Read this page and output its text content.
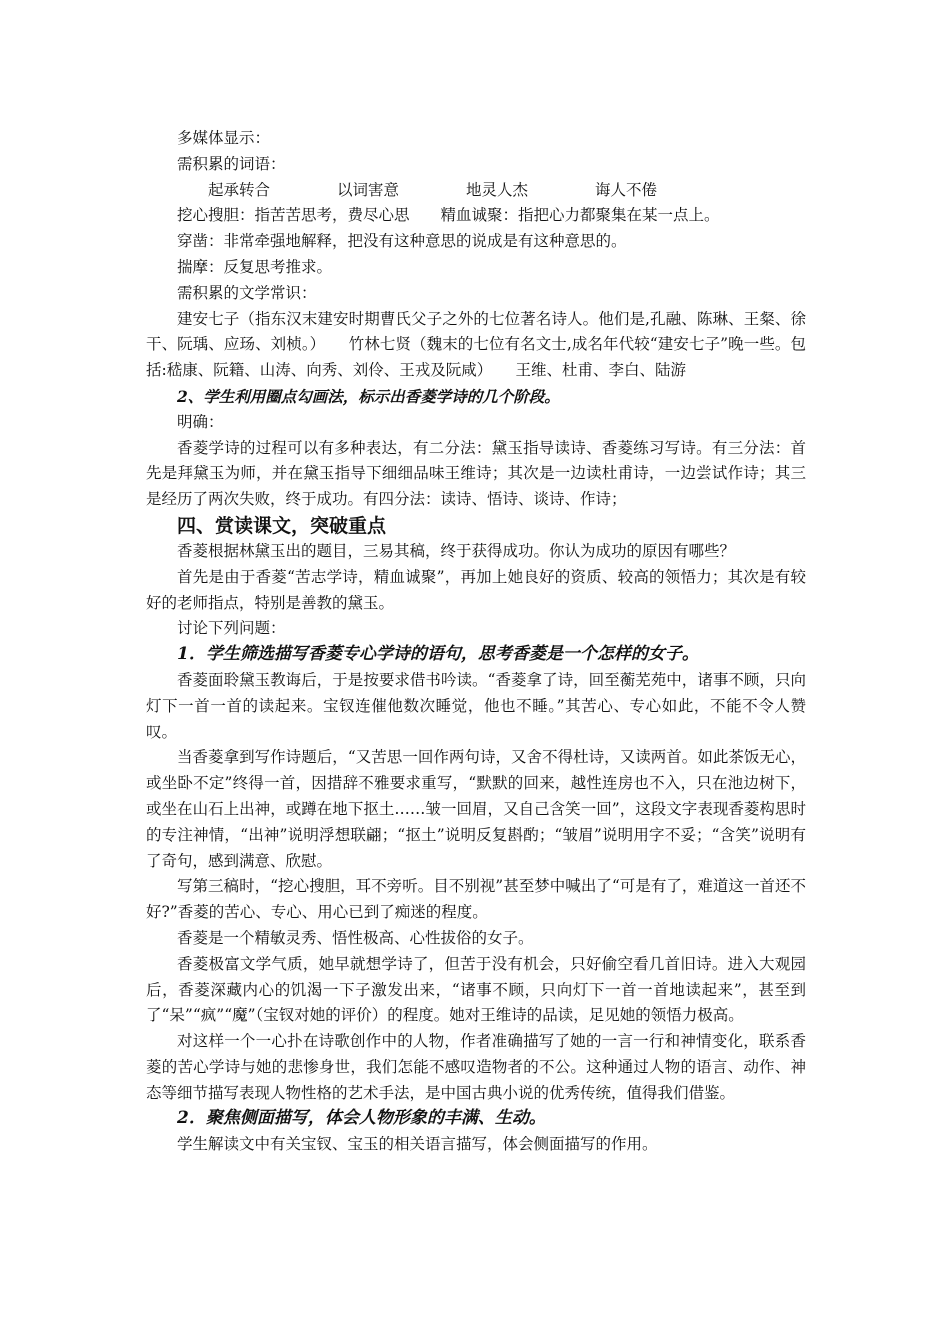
多媒体显示：

需积累的词语：

起承转合	以词害意	地灵人杰	诲人不倦

挖心搜胆：指苦苦思考，费尽心思　　精血诚聚：指把心力都聚集在某一点上。

穿凿：非常牵强地解释，把没有这种意思的说成是有这种意思的。

揣摩：反复思考推求。

需积累的文学常识：

建安七子（指东汉末建安时期曹氏父子之外的七位著名诗人。他们是,孔融、陈琳、王粲、徐干、阮瑀、应玚、刘桢。）　　竹林七贤（魏末的七位有名文士,成名年代较“建安七子”晚一些。包括:嵇康、阮籍、山涛、向秀、刘伶、王戎及阮咸）　　王维、杜甫、李白、陆游

2、学生利用圈点勾画法，标示出香菱学诗的几个阶段。

明确：

香菱学诗的过程可以有多种表达，有二分法：黛玉指导读诗、香菱练习写诗。有三分法：首先是拜黛玉为师，并在黛玉指导下细细品味王维诗；其次是一边读杜甫诗，一边尝试作诗；其三是经历了两次失败，终于成功。有四分法：读诗、悟诗、谈诗、作诗；

四、赏读课文，突破重点

香菱根据林黛玉出的题目，三易其稿，终于获得成功。你认为成功的原因有哪些？

首先是由于香菱“苦志学诗，精血诚聚”，再加上她良好的资质、较高的领悟力；其次是有较好的老师指点，特别是善教的黛玉。

讨论下列问题：

1．学生筛选描写香菱专心学诗的语句，思考香菱是一个怎样的女子。

香菱面聆黛玉教诲后，于是按要求借书吟读。“香菱拿了诗，回至蘅芜苑中，诸事不顾，只向灯下一首一首的读起来。宝钗连催他数次睡觉，他也不睡。”其苦心、专心如此，不能不令人赞叹。

当香菱拿到写作诗题后，“又苦思一回作两句诗，又舍不得杜诗，又读两首。如此茶饭无心，或坐卧不定”终得一首，因措辞不雅要求重写，“默默的回来，越性连房也不入，只在池边树下，或坐在山石上出神，或蹲在地下抠土……皱一回眉，又自己含笑一回”，这段文字表现香菱构思时的专注神情，“出神”说明浮想联翩；“抠土”说明反复斟酌；“皱眉”说明用字不妥；“含笑”说明有了奇句，感到满意、欣慰。

写第三稿时，“挖心搜胆，耳不旁听。目不别视”甚至梦中喊出了“可是有了，难道这一首还不好?”香菱的苦心、专心、用心已到了痴迷的程度。

香菱是一个精敏灵秀、悟性极高、心性拔俗的女子。

香菱极富文学气质，她早就想学诗了，但苦于没有机会，只好偷空看几首旧诗。进入大观园后，香菱深藏内心的饥渴一下子激发出来，“诸事不顾，只向灯下一首一首地读起来”，甚至到了“呆”“疯”“魔”（宝钗对她的评价）的程度。她对王维诗的品读，足见她的领悟力极高。

对这样一个一心扑在诗歌创作中的人物，作者准确描写了她的一言一行和神情变化，联系香菱的苦心学诗与她的悲惨身世，我们怎能不感叹造物者的不公。这种通过人物的语言、动作、神态等细节描写表现人物性格的艺术手法，是中国古典小说的优秀传统，值得我们借鉴。

2．聚焦侧面描写，体会人物形象的丰满、生动。

学生解读文中有关宝钗、宝玉的相关语言描写，体会侧面描写的作用。
